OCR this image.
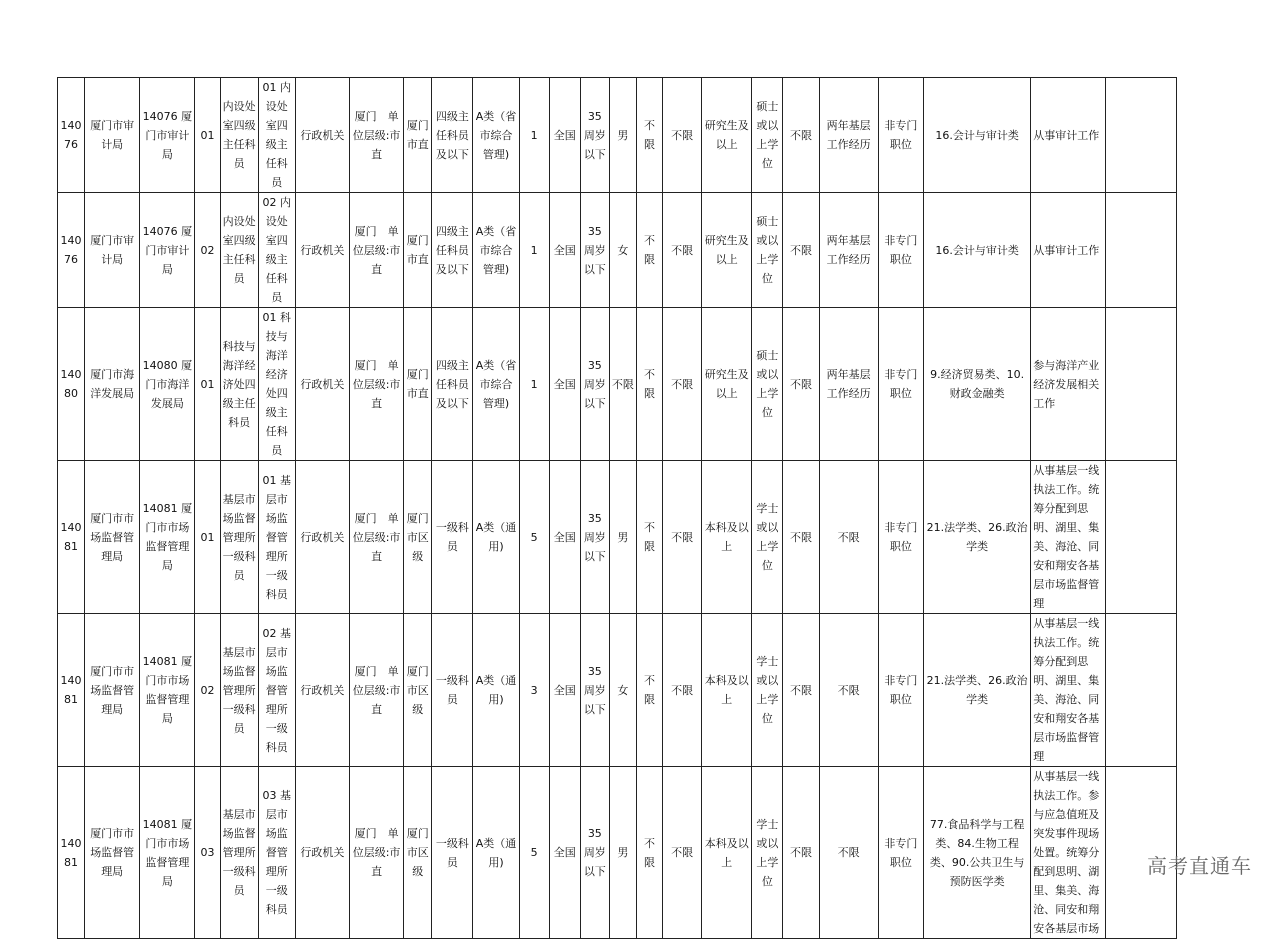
14076	厦门市审计局	14076 厦门市审计局	01	内设处室四级主任科员	01 内设处室四级主任科员	行政机关	厦门　单位层级:市直	厦门市直	四级主任科员及以下	A类（省市综合管理)	1	全国	35周岁以下	男	不限	不限	研究生及以上	硕士或以上学位	不限	两年基层工作经历	非专门职位	16.会计与审计类	从事审计工作	
14076	厦门市审计局	14076 厦门市审计局	02	内设处室四级主任科员	02 内设处室四级主任科员	行政机关	厦门　单位层级:市直	厦门市直	四级主任科员及以下	A类（省市综合管理)	1	全国	35周岁以下	女	不限	不限	研究生及以上	硕士或以上学位	不限	两年基层工作经历	非专门职位	16.会计与审计类	从事审计工作	
14080	厦门市海洋发展局	14080 厦门市海洋发展局	01	科技与海洋经济处四级主任科员	01 科技与海洋经济处四级主任科员	行政机关	厦门　单位层级:市直	厦门市直	四级主任科员及以下	A类（省市综合管理)	1	全国	35周岁以下	不限	不限	不限	研究生及以上	硕士或以上学位	不限	两年基层工作经历	非专门职位	9.经济贸易类、10.财政金融类	参与海洋产业经济发展相关工作	
14081	厦门市市场监督管理局	14081 厦门市市场监督管理局	01	基层市场监督管理所一级科员	01 基层市场监督管理所一级科员	行政机关	厦门　单位层级:市直	厦门市区级	一级科员	A类（通用)	5	全国	35周岁以下	男	不限	不限	本科及以上	学士或以上学位	不限	不限	非专门职位	21.法学类、26.政治学类	从事基层一线执法工作。统筹分配到思明、湖里、集美、海沧、同安和翔安各基层市场监督管理	
14081	厦门市市场监督管理局	14081 厦门市市场监督管理局	02	基层市场监督管理所一级科员	02 基层市场监督管理所一级科员	行政机关	厦门　单位层级:市直	厦门市区级	一级科员	A类（通用)	3	全国	35周岁以下	女	不限	不限	本科及以上	学士或以上学位	不限	不限	非专门职位	21.法学类、26.政治学类	从事基层一线执法工作。统筹分配到思明、湖里、集美、海沧、同安和翔安各基层市场监督管理	
14081	厦门市市场监督管理局	14081 厦门市市场监督管理局	03	基层市场监督管理所一级科员	03 基层市场监督管理所一级科员	行政机关	厦门　单位层级:市直	厦门市区级	一级科员	A类（通用)	5	全国	35周岁以下	男	不限	不限	本科及以上	学士或以上学位	不限	不限	非专门职位	77.食品科学与工程类、84.生物工程类、90.公共卫生与预防医学类	从事基层一线执法工作。参与应急值班及突发事件现场处置。统筹分配到思明、湖里、集美、海沧、同安和翔安各基层市场	
高考直通车
